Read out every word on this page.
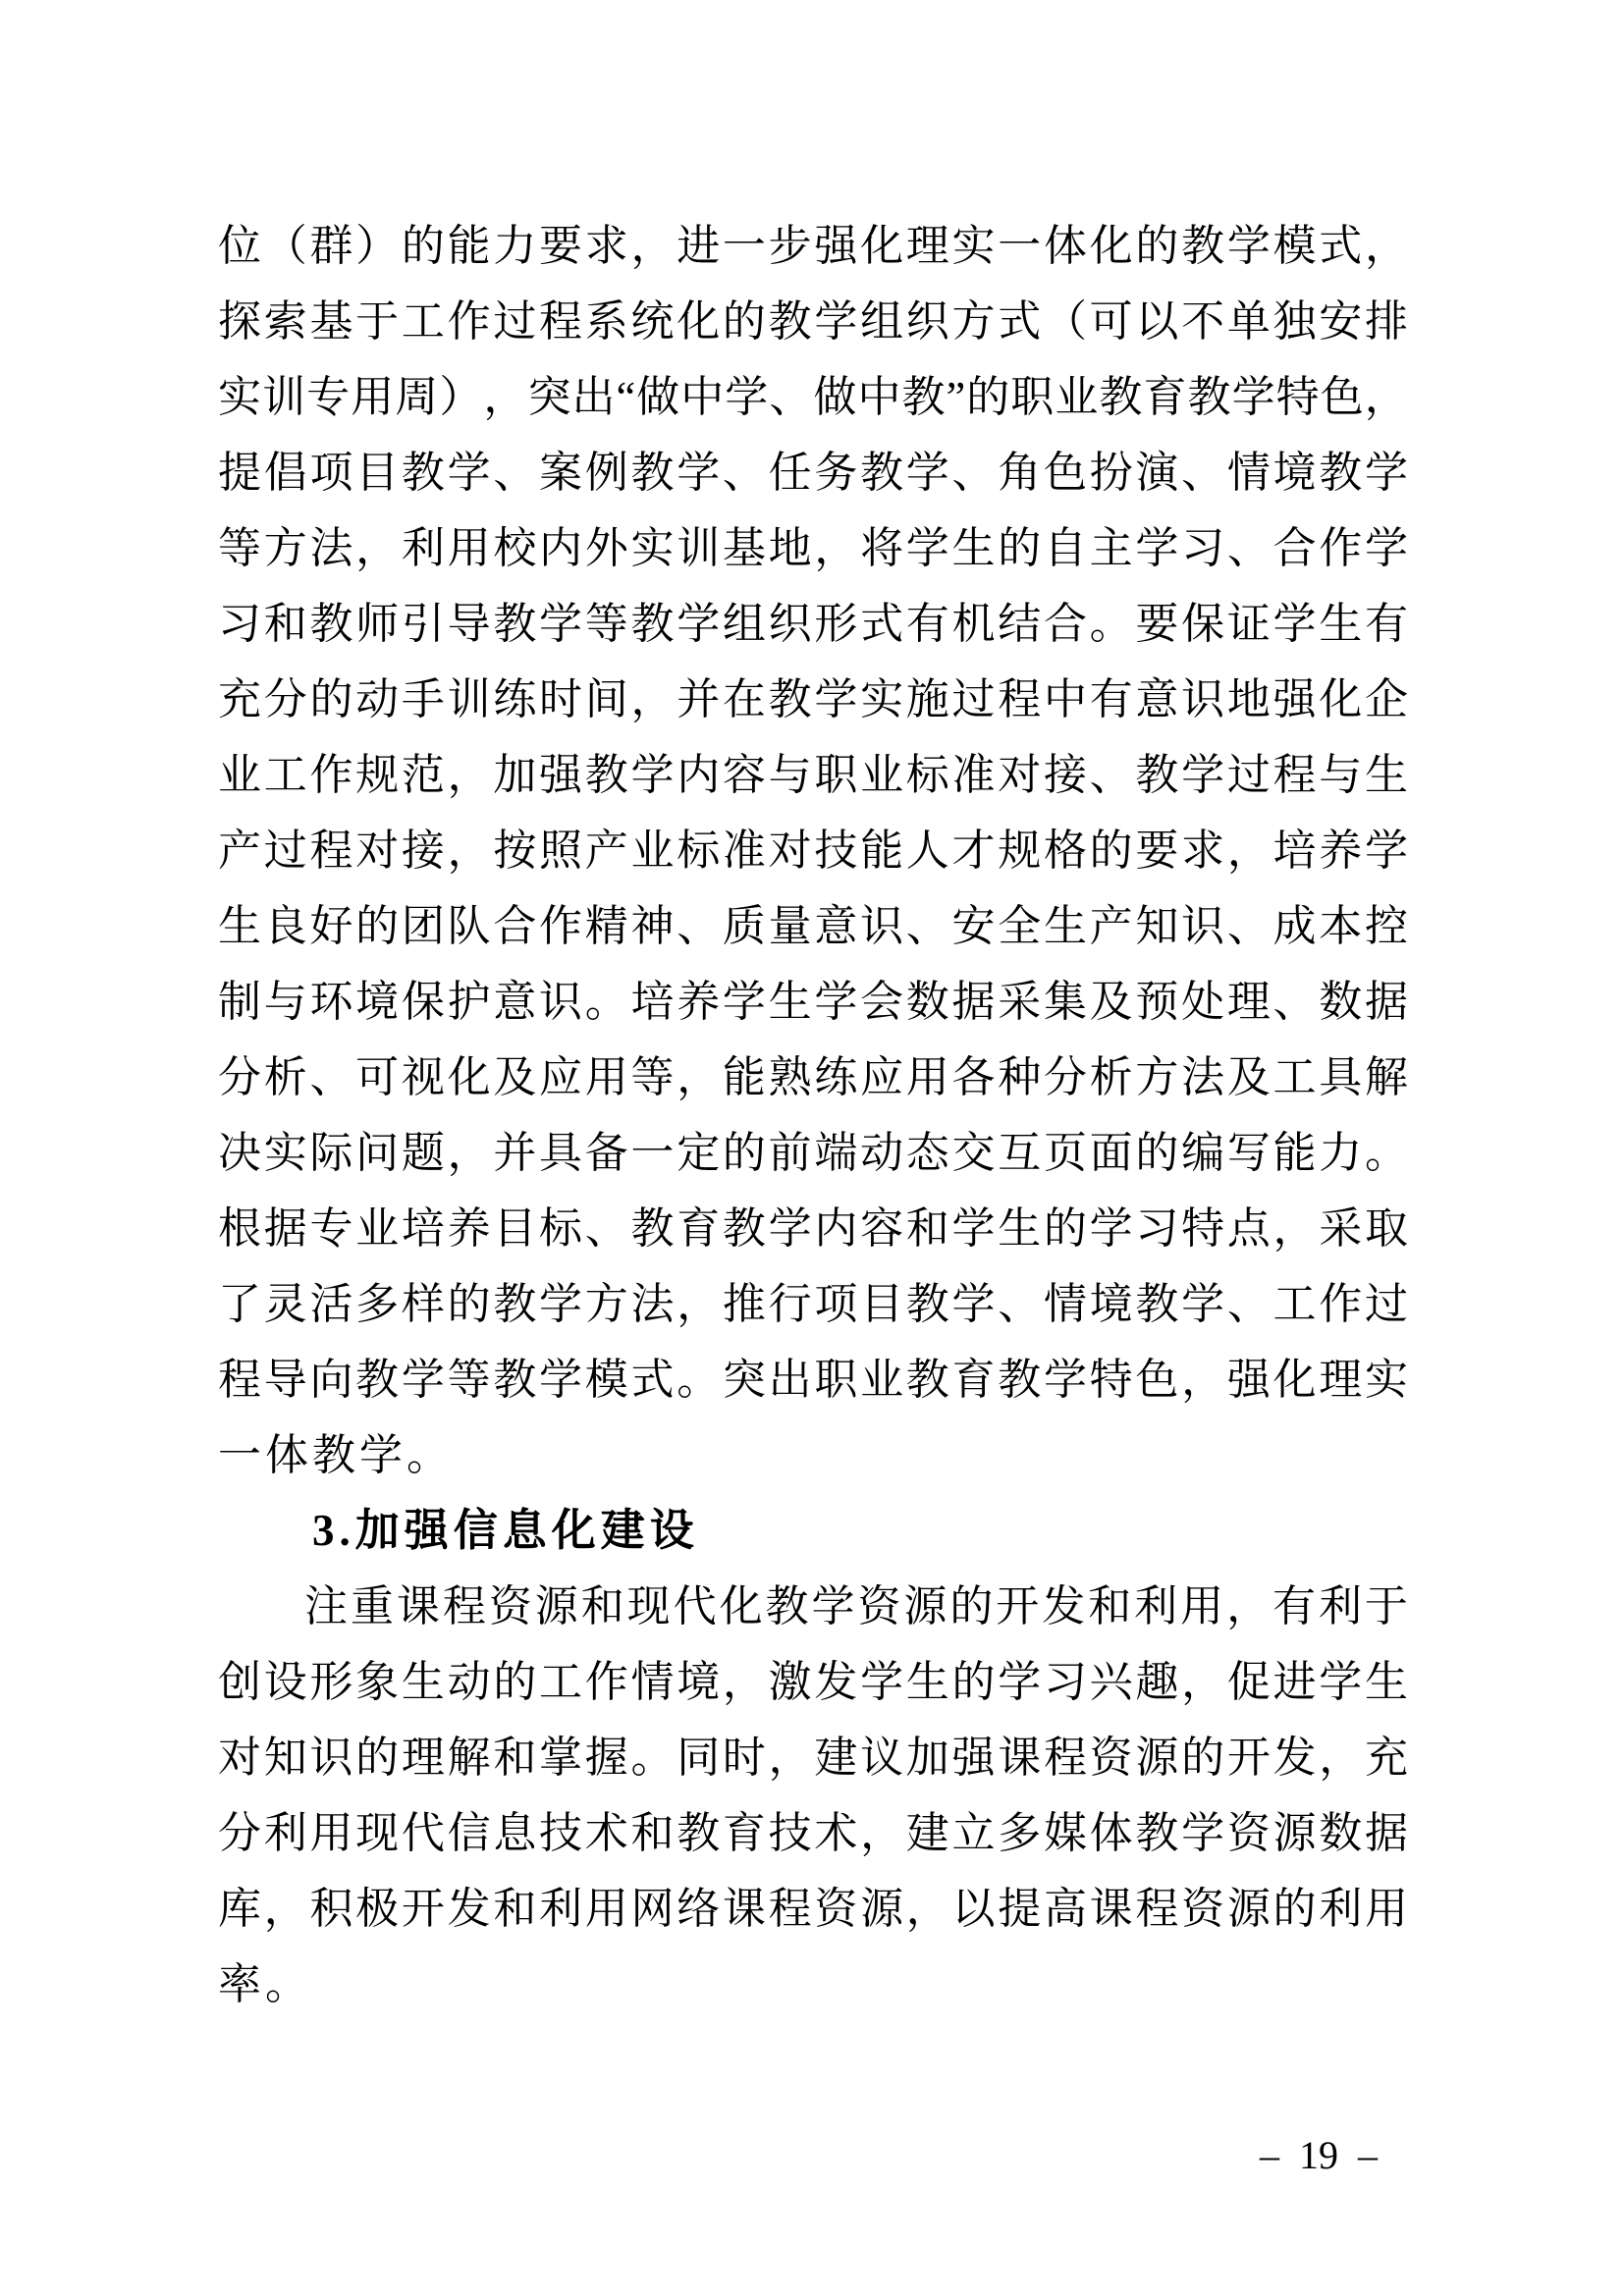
位 （ 群 ） 的 能 力 要 求 ， 进 一 步 强 化 理 实 一 体 化 的 教 学 模 式 ，
探 索 基 于 工 作 过 程 系 统 化 的 教 学 组 织 方 式 （ 可 以 不 单 独 安 排
实 训 专 用 周 ） ， 突 出 “ 做 中 学 、 做 中 教 ” 的 职 业 教 育 教 学 特 色 ，
提 倡 项 目 教 学 、 案 例 教 学 、 任 务 教 学 、 角 色 扮 演 、 情 境 教 学
等 方 法 ， 利 用 校 内 外 实 训 基 地 ， 将 学 生 的 自 主 学 习 、 合 作 学
习 和 教 师 引 导 教 学 等 教 学 组 织 形 式 有 机 结 合 。 要 保 证 学 生 有
充 分 的 动 手 训 练 时 间 ， 并 在 教 学 实 施 过 程 中 有 意 识 地 强 化 企
业 工 作 规 范 ， 加 强 教 学 内 容 与 职 业 标 准 对 接 、 教 学 过 程 与 生
产 过 程 对 接 ， 按 照 产 业 标 准 对 技 能 人 才 规 格 的 要 求 ， 培 养 学
生 良 好 的 团 队 合 作 精 神 、 质 量 意 识 、 安 全 生 产 知 识 、 成 本 控
制 与 环 境 保 护 意 识 。 培 养 学 生 学 会 数 据 采 集 及 预 处 理 、 数 据
分 析 、 可 视 化 及 应 用 等 ， 能 熟 练 应 用 各 种 分 析 方 法 及 工 具 解
决 实 际 问 题 ， 并 具 备 一 定 的 前 端 动 态 交 互 页 面 的 编 写 能 力 。
根 据 专 业 培 养 目 标 、 教 育 教 学 内 容 和 学 生 的 学 习 特 点 ， 采 取
了 灵 活 多 样 的 教 学 方 法 ， 推 行 项 目 教 学 、 情 境 教 学 、 工 作 过
程 导 向 教 学 等 教 学 模 式 。 突 出 职 业 教 育 教 学 特 色 ， 强 化 理 实
一体教学。
3.加强信息化建设
注 重 课 程 资 源 和 现 代 化 教 学 资 源 的 开 发 和 利 用 ， 有 利 于
创 设 形 象 生 动 的 工 作 情 境 ， 激 发 学 生 的 学 习 兴 趣 ， 促 进 学 生
对 知 识 的 理 解 和 掌 握 。 同 时 ， 建 议 加 强 课 程 资 源 的 开 发 ， 充
分 利 用 现 代 信 息 技 术 和 教 育 技 术 ， 建 立 多 媒 体 教 学 资 源 数 据
库 ， 积 极 开 发 和 利 用 网 络 课 程 资 源 ， 以 提 高 课 程 资 源 的 利 用
率。
– 19 –
